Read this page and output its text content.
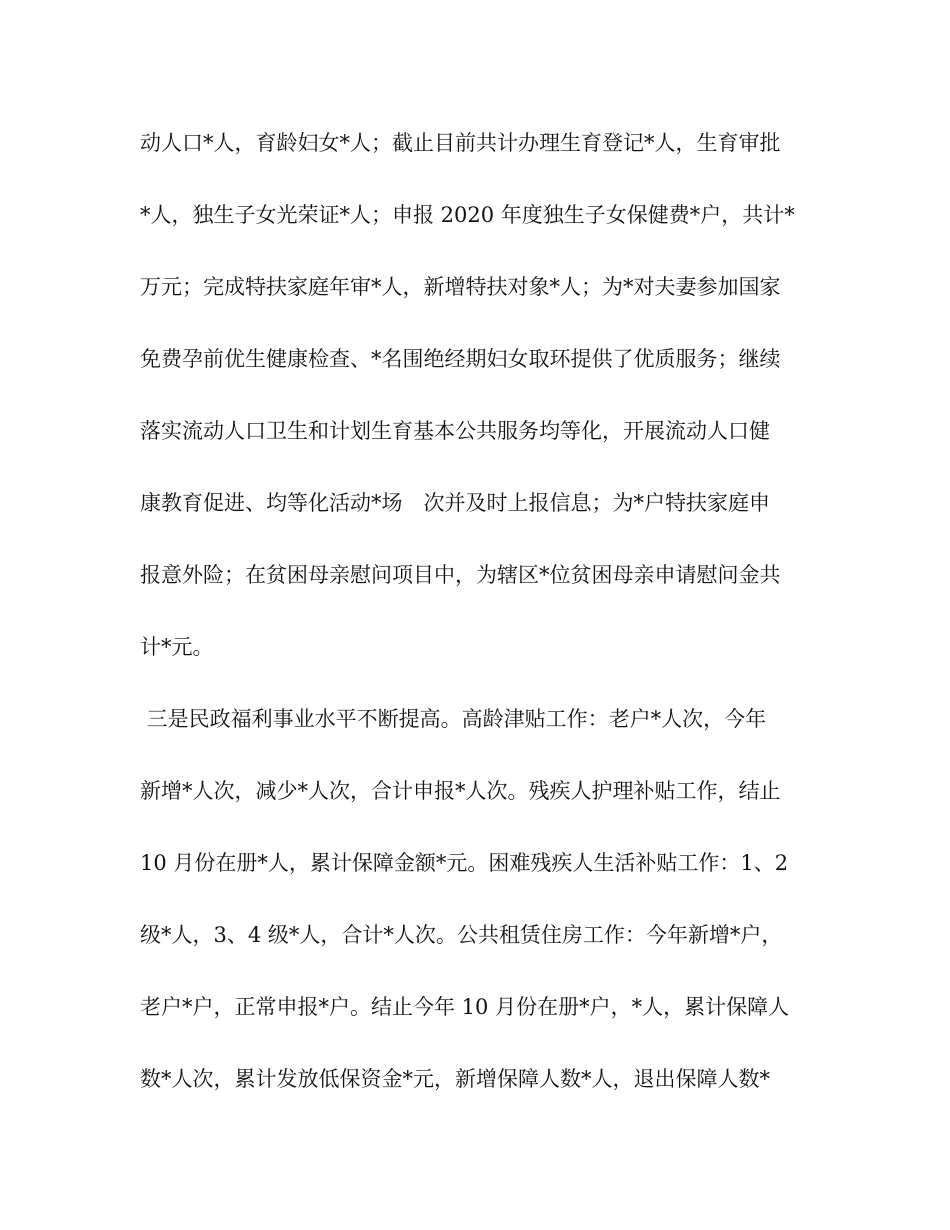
动人口*人，育龄妇女*人；截止目前共计办理生育登记*人，生育审批
*人，独生子女光荣证*人；申报 2020 年度独生子女保健费*户，共计*
万元；完成特扶家庭年审*人，新增特扶对象*人；为*对夫妻参加国家
免费孕前优生健康检查、*名围绝经期妇女取环提供了优质服务；继续
落实流动人口卫生和计划生育基本公共服务均等化，开展流动人口健
康教育促进、均等化活动*场　次并及时上报信息；为*户特扶家庭申
报意外险；在贫困母亲慰问项目中，为辖区*位贫困母亲申请慰问金共
计*元。
三是民政福利事业水平不断提高。高龄津贴工作：老户*人次，今年
新增*人次，减少*人次，合计申报*人次。残疾人护理补贴工作，结止
10 月份在册*人，累计保障金额*元。困难残疾人生活补贴工作：1、2
级*人，3、4 级*人，合计*人次。公共租赁住房工作：今年新增*户，
老户*户，正常申报*户。结止今年 10 月份在册*户，*人，累计保障人
数*人次，累计发放低保资金*元，新增保障人数*人，退出保障人数*
